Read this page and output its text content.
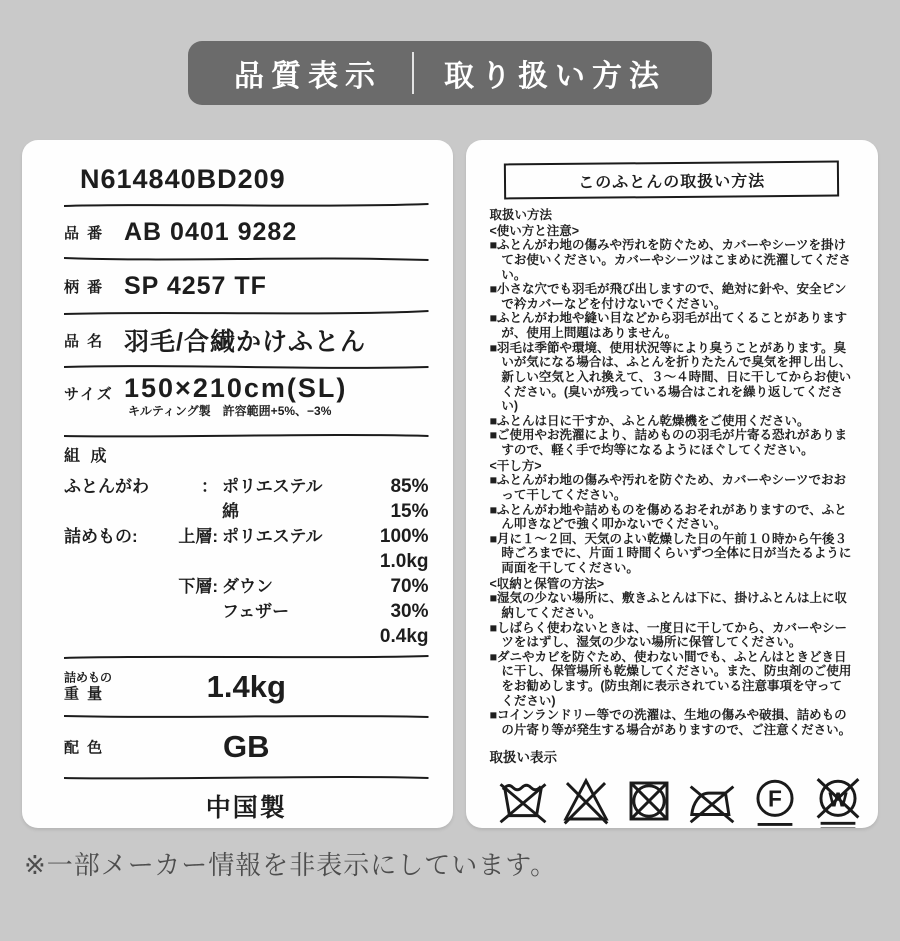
品質表示 取り扱い方法
N614840BD209
品 番 AB 0401 9282
柄 番 SP 4257 TF
品 名 羽毛/合繊かけふとん
サイズ 150×210cm(SL)
キルティング製　許容範囲+5%、−3%
組 成
ふとんがわ	： ポリエステル	85%
綿	15%
詰めもの:	上層: ポリエステル	100%
1.0kg
下層: ダウン	70%
フェザー	30%
0.4kg
詰めもの
重 量	1.4kg
配 色	GB
中国製
このふとんの取扱い方法
取扱い方法
<使い方と注意>
■ふとんがわ地の傷みや汚れを防ぐため、カバーやシーツを掛けてお使いください。カバーやシーツはこまめに洗濯してください。
■小さな穴でも羽毛が飛び出しますので、絶対に針や、安全ピンで衿カバーなどを付けないでください。
■ふとんがわ地や縫い目などから羽毛が出てくることがありますが、使用上問題はありません。
■羽毛は季節や環境、使用状況等により臭うことがあります。臭いが気になる場合は、ふとんを折りたたんで臭気を押し出し、新しい空気と入れ換えて、３～４時間、日に干してからお使いください。(臭いが残っている場合はこれを繰り返してください)
■ふとんは日に干すか、ふとん乾燥機をご使用ください。
■ご使用やお洗濯により、詰めものの羽毛が片寄る恐れがありますので、軽く手で均等になるようにほぐしてください。
<干し方>
■ふとんがわ地の傷みや汚れを防ぐため、カバーやシーツでおおって干してください。
■ふとんがわ地や詰めものを傷めるおそれがありますので、ふとん叩きなどで強く叩かないでください。
■月に１～２回、天気のよい乾燥した日の午前１０時から午後３時ごろまでに、片面１時間くらいずつ全体に日が当たるように両面を干してください。
<収納と保管の方法>
■湿気の少ない場所に、敷きふとんは下に、掛けふとんは上に収納してください。
■しばらく使わないときは、一度日に干してから、カバーやシーツをはずし、湿気の少ない場所に保管してください。
■ダニやカビを防ぐため、使わない間でも、ふとんはときどき日に干し、保管場所も乾燥してください。また、防虫剤のご使用をお勧めします。(防虫剤に表示されている注意事項を守ってください)
■コインランドリー等での洗濯は、生地の傷みや破損、詰めものの片寄り等が発生する場合がありますので、ご注意ください。
取扱い表示
F	W
※一部メーカー情報を非表示にしています。
